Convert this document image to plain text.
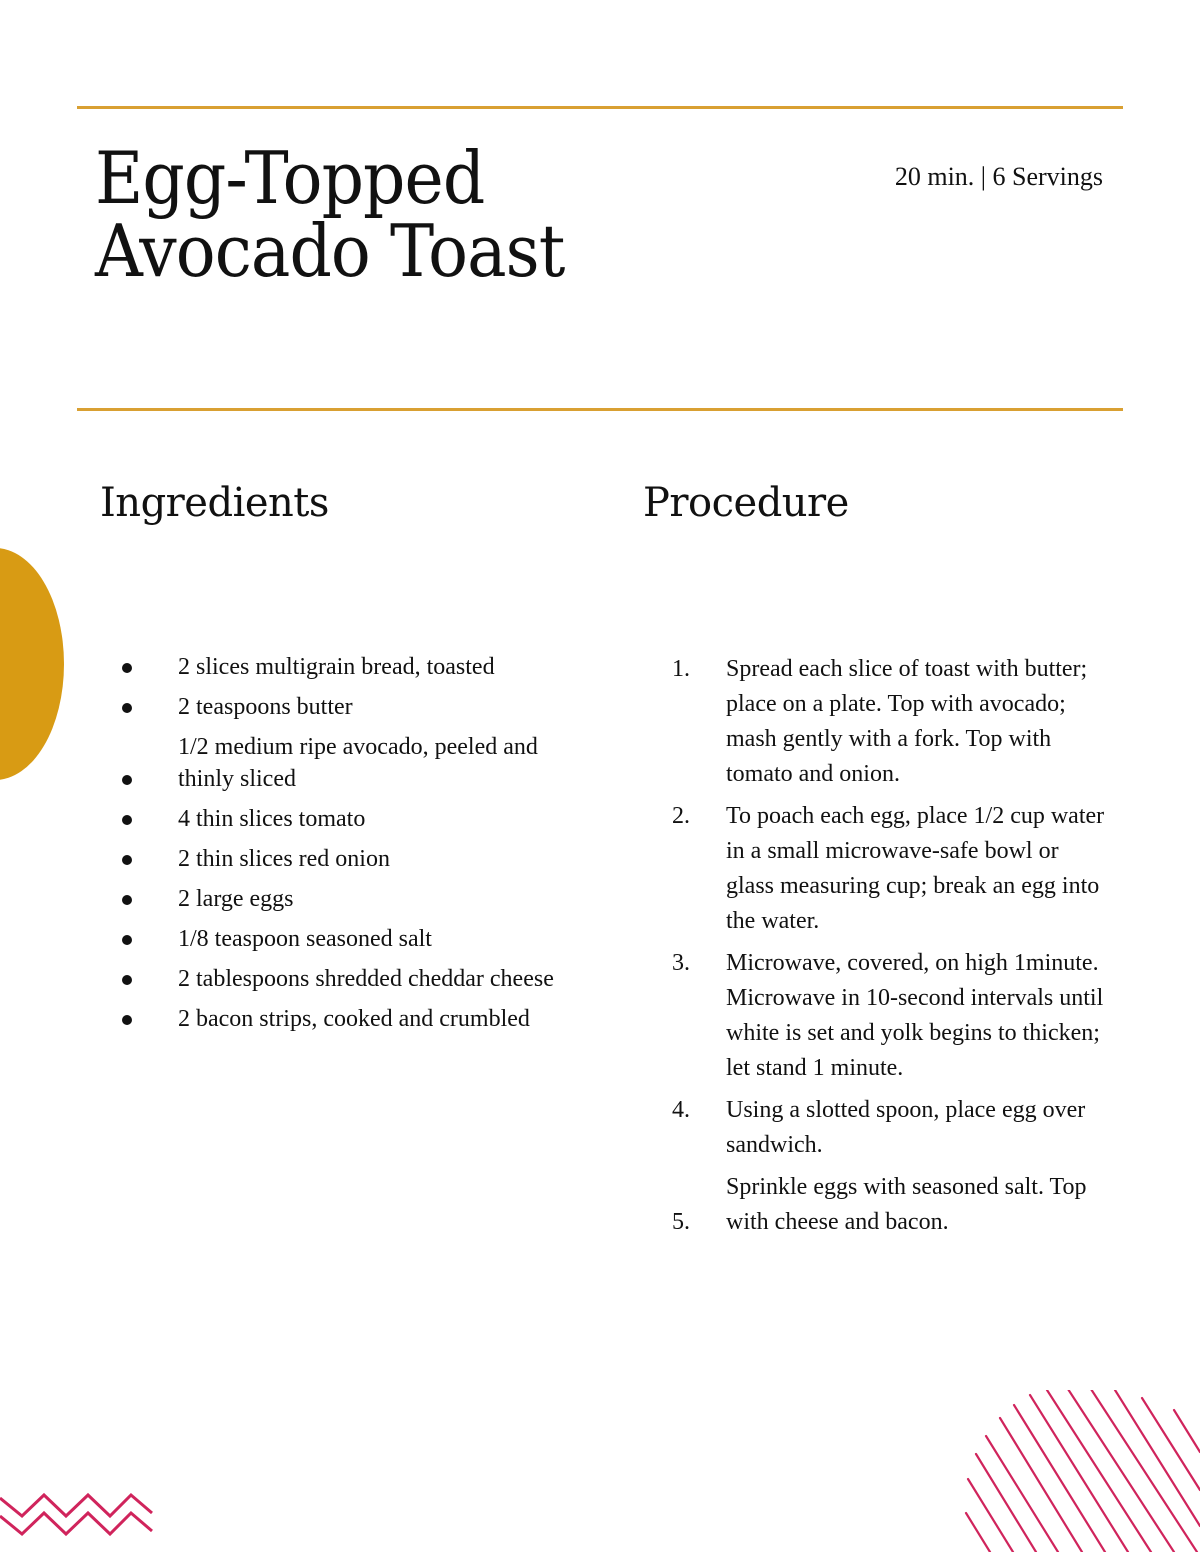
Egg-Topped
Avocado Toast
20 min. | 6 Servings
Ingredients	Procedure
2 slices multigrain bread, toasted
2 teaspoons butter
1/2 medium ripe avocado, peeled and thinly sliced
4 thin slices tomato
2 thin slices red onion
2 large eggs
1/8 teaspoon seasoned salt
2 tablespoons shredded cheddar cheese
2 bacon strips, cooked and crumbled
1. Spread each slice of toast with butter; place on a plate. Top with avocado; mash gently with a fork. Top with tomato and onion.
2. To poach each egg, place 1/2 cup water in a small microwave-safe bowl or glass measuring cup; break an egg into the water.
3. Microwave, covered, on high 1minute. Microwave in 10-second intervals until white is set and yolk begins to thicken; let stand 1 minute.
4. Using a slotted spoon, place egg over sandwich.
5.
Sprinkle eggs with seasoned salt. Top with cheese and bacon.
